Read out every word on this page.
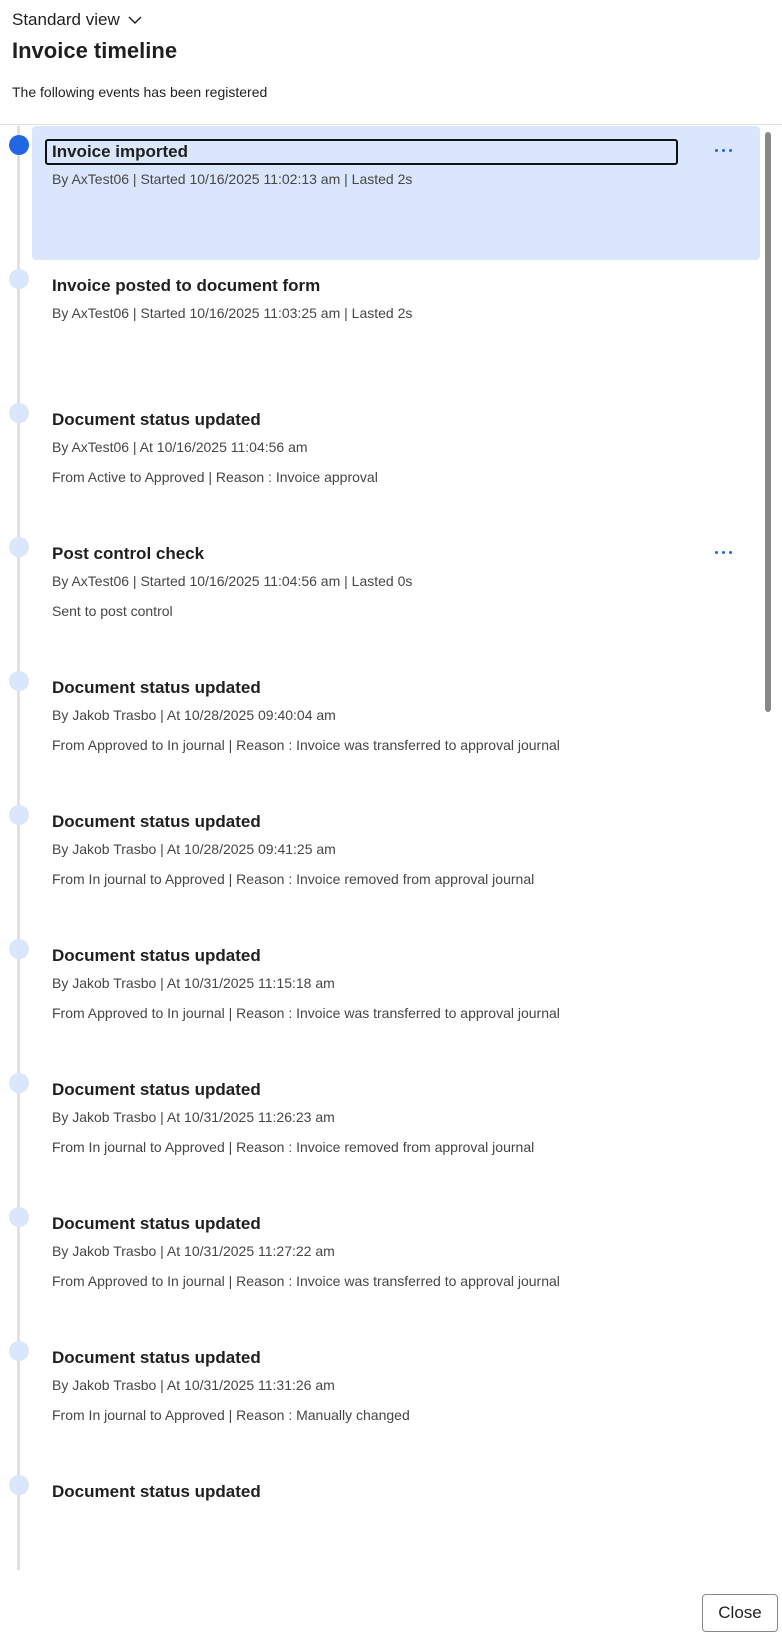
Standard view
Invoice timeline
The following events has been registered
Invoice imported
By AxTest06 | Started 10/16/2025 11:02:13 am | Lasted 2s
Invoice posted to document form
By AxTest06 | Started 10/16/2025 11:03:25 am | Lasted 2s
Document status updated
By AxTest06 | At 10/16/2025 11:04:56 am
From Active to Approved | Reason : Invoice approval
Post control check
By AxTest06 | Started 10/16/2025 11:04:56 am | Lasted 0s
Sent to post control
Document status updated
By Jakob Trasbo | At 10/28/2025 09:40:04 am
From Approved to In journal | Reason : Invoice was transferred to approval journal
Document status updated
By Jakob Trasbo | At 10/28/2025 09:41:25 am
From In journal to Approved | Reason : Invoice removed from approval journal
Document status updated
By Jakob Trasbo | At 10/31/2025 11:15:18 am
From Approved to In journal | Reason : Invoice was transferred to approval journal
Document status updated
By Jakob Trasbo | At 10/31/2025 11:26:23 am
From In journal to Approved | Reason : Invoice removed from approval journal
Document status updated
By Jakob Trasbo | At 10/31/2025 11:27:22 am
From Approved to In journal | Reason : Invoice was transferred to approval journal
Document status updated
By Jakob Trasbo | At 10/31/2025 11:31:26 am
From In journal to Approved | Reason : Manually changed
Document status updated
Close
